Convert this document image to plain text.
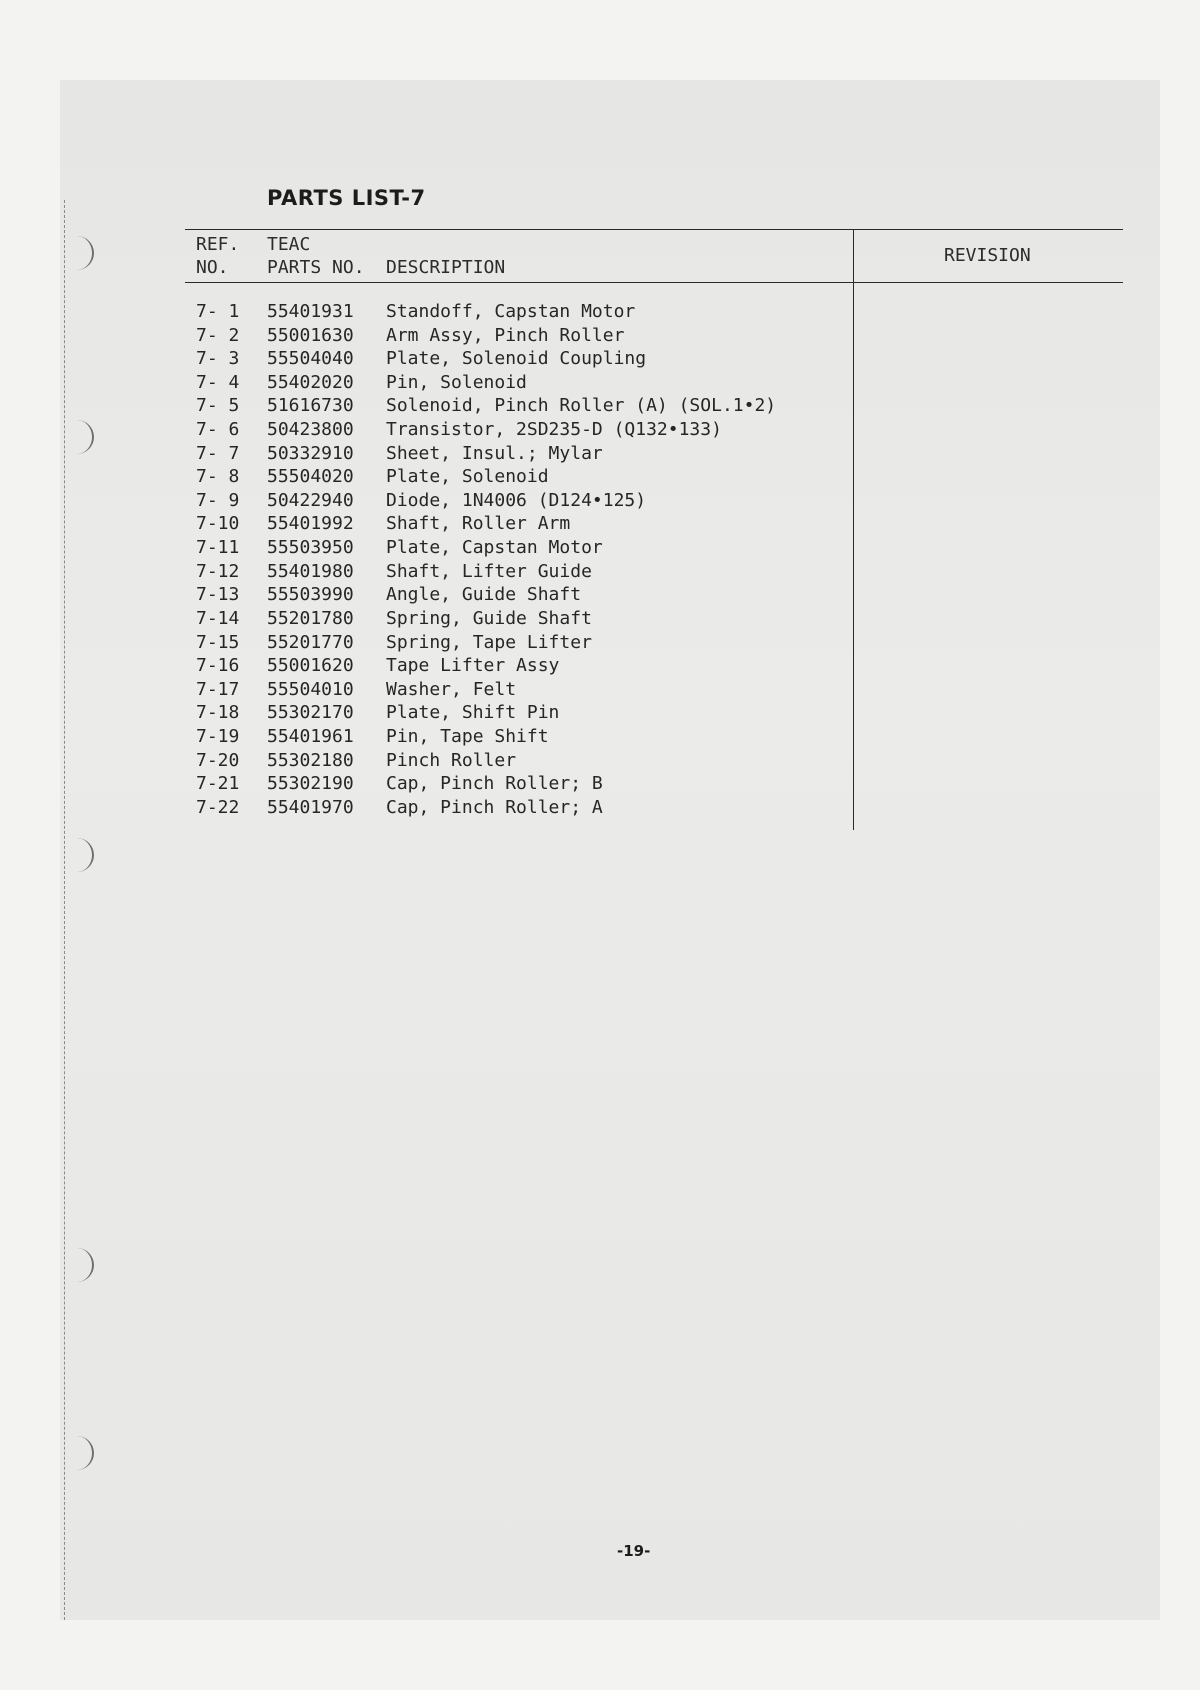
PARTS LIST-7

REF.

NO.

TEAC

PARTS NO. DESCRIPTION

REVISION

7- 1 55401931 Standoff, Capstan Motor
7- 2 55001630 Arm Assy, Pinch Roller
7- 3 55504040 Plate, Solenoid Coupling
7- 4 55402020 Pin, Solenoid
7- 5 51616730 Solenoid, Pinch Roller (A) (SOL.1•2)
7- 6 50423800 Transistor, 2SD235-D (Q132•133)
7- 7 50332910 Sheet, Insul.; Mylar
7- 8 55504020 Plate, Solenoid
7- 9 50422940 Diode, 1N4006 (D124•125)
7-10 55401992 Shaft, Roller Arm
7-11 55503950 Plate, Capstan Motor
7-12 55401980 Shaft, Lifter Guide
7-13 55503990 Angle, Guide Shaft
7-14 55201780 Spring, Guide Shaft
7-15 55201770 Spring, Tape Lifter
7-16 55001620 Tape Lifter Assy
7-17 55504010 Washer, Felt
7-18 55302170 Plate, Shift Pin
7-19 55401961 Pin, Tape Shift
7-20 55302180 Pinch Roller
7-21 55302190 Cap, Pinch Roller; B
7-22 55401970 Cap, Pinch Roller; A

-19-
